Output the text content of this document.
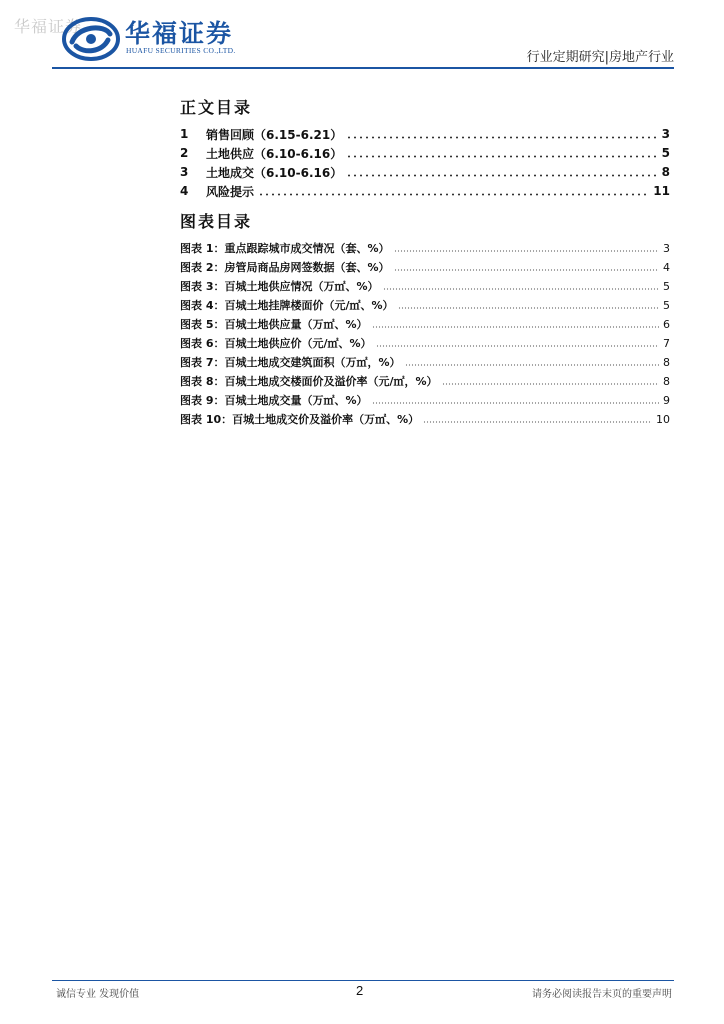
华福证券 华福证券
HUAFU SECURITIES CO.,LTD.	行业定期研究|房地产行业
正文目录
1	销售回顾（6.15-6.21）	3
2	土地供应（6.10-6.16）	5
3	土地成交（6.10-6.16）	8
4	风险提示	11
图表目录
图表 1：重点跟踪城市成交情况（套、%）	3
图表 2：房管局商品房网签数据（套、%）	4
图表 3：百城土地供应情况（万㎡、%）	5
图表 4：百城土地挂牌楼面价（元/㎡、%）	5
图表 5：百城土地供应量（万㎡、%）	6
图表 6：百城土地供应价（元/㎡、%）	7
图表 7：百城土地成交建筑面积（万㎡，%）	8
图表 8：百城土地成交楼面价及溢价率（元/㎡，%）	8
图表 9：百城土地成交量（万㎡、%）	9
图表 10：百城土地成交价及溢价率（万㎡、%）	10
诚信专业 发现价值	2	请务必阅读报告末页的重要声明
